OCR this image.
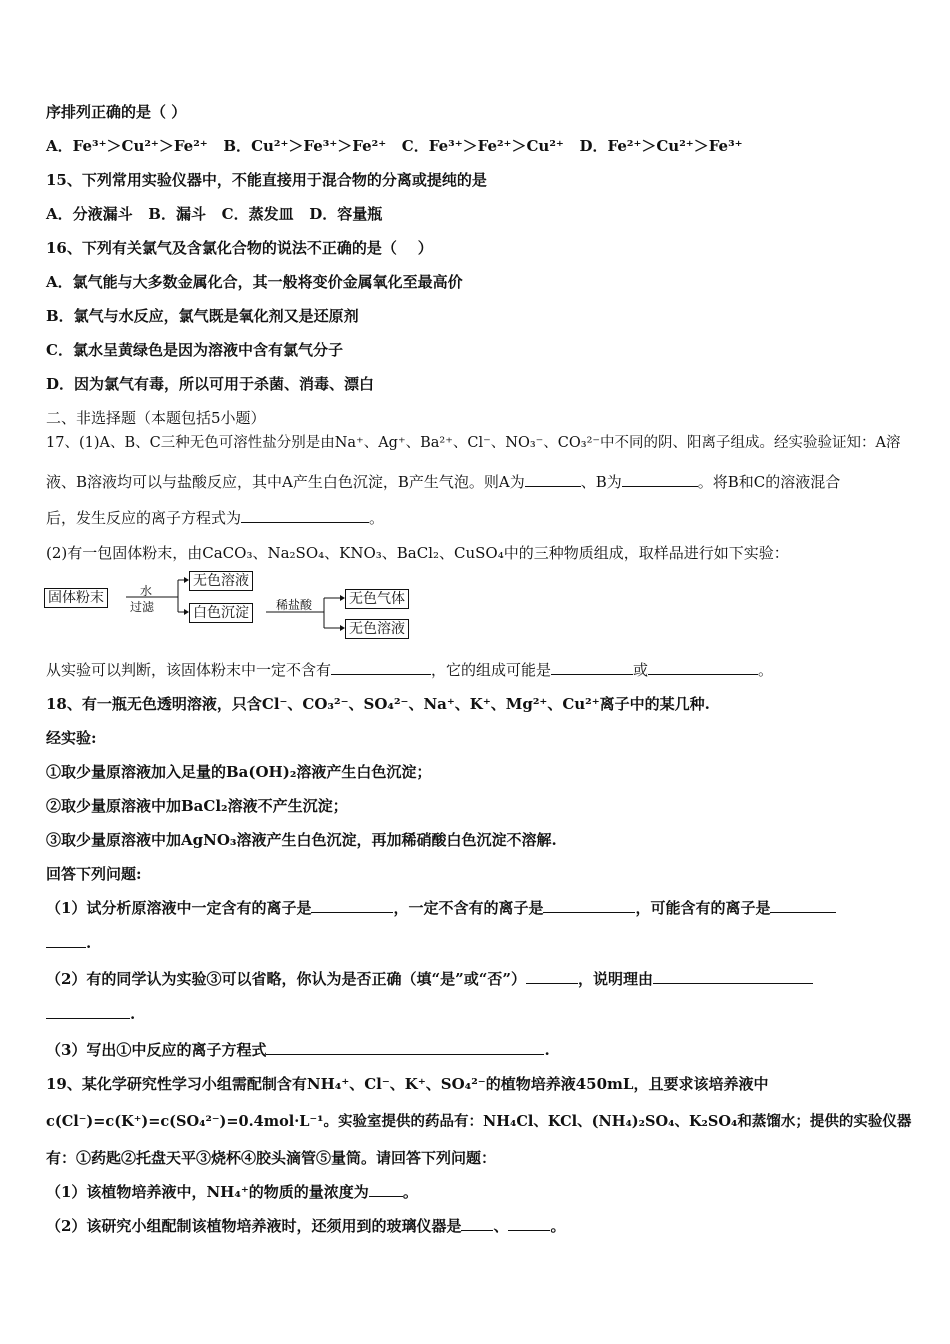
序排列正确的是（ ）
A．Fe³⁺＞Cu²⁺＞Fe²⁺ B．Cu²⁺＞Fe³⁺＞Fe²⁺ C．Fe³⁺＞Fe²⁺＞Cu²⁺ D．Fe²⁺＞Cu²⁺＞Fe³⁺
15、下列常用实验仪器中，不能直接用于混合物的分离或提纯的是
A．分液漏斗   B．漏斗   C．蒸发皿   D．容量瓶
16、下列有关氯气及含氯化合物的说法不正确的是（    ）
A．氯气能与大多数金属化合，其一般将变价金属氧化至最高价
B．氯气与水反应，氯气既是氧化剂又是还原剂
C．氯水呈黄绿色是因为溶液中含有氯气分子
D．因为氯气有毒，所以可用于杀菌、消毒、漂白
二、非选择题（本题包括5小题）
17、(1)A、B、C三种无色可溶性盐分别是由Na⁺、Ag⁺、Ba²⁺、Cl⁻、NO₃⁻、CO₃²⁻中不同的阴、阳离子组成。经实验验证知：A溶
液、B溶液均可以与盐酸反应，其中A产生白色沉淀，B产生气泡。则A为	、B为	。将B和C的溶液混合
后，发生反应的离子方程式为	。
(2)有一包固体粉末，由CaCO₃、Na₂SO₄、KNO₃、BaCl₂、CuSO₄中的三种物质组成，取样品进行如下实验：
固体粉末	水
过滤
无色溶液
白色沉淀	稀盐酸	无色气体
无色溶液
从实验可以判断，该固体粉末中一定不含有	，它的组成可能是	或	。
18、有一瓶无色透明溶液，只含Cl⁻、CO₃²⁻、SO₄²⁻、Na⁺、K⁺、Mg²⁺、Cu²⁺离子中的某几种.
经实验:
①取少量原溶液加入足量的Ba(OH)₂溶液产生白色沉淀；
②取少量原溶液中加BaCl₂溶液不产生沉淀；
③取少量原溶液中加AgNO₃溶液产生白色沉淀，再加稀硝酸白色沉淀不溶解.
回答下列问题:
（1）试分析原溶液中一定含有的离子是	，一定不含有的离子是	，可能含有的离子是
.
（2）有的同学认为实验③可以省略，你认为是否正确（填“是”或“否”）	，说明理由
.
（3）写出①中反应的离子方程式	.
19、某化学研究性学习小组需配制含有NH₄⁺、Cl⁻、K⁺、SO₄²⁻的植物培养液450mL，且要求该培养液中
c(Cl⁻)=c(K⁺)=c(SO₄²⁻)=0.4mol·L⁻¹。实验室提供的药品有：NH₄Cl、KCl、(NH₄)₂SO₄、K₂SO₄和蒸馏水；提供的实验仪器
有：①药匙②托盘天平③烧杯④胶头滴管⑤量筒。请回答下列问题：
（1）该植物培养液中，NH₄⁺的物质的量浓度为 。
（2）该研究小组配制该植物培养液时，还须用到的玻璃仪器是 、	。
